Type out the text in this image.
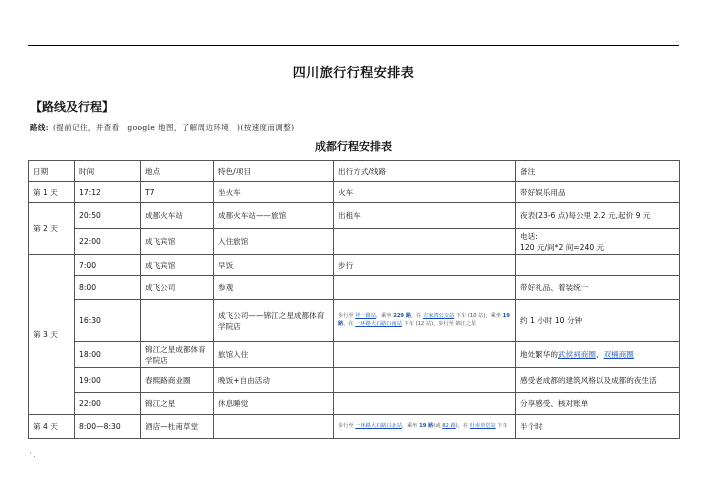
..
四川旅行行程安排表
【路线及行程】
路线: (提前记住，并查看　google 地图，了解周边环境　)(按速度而调整)
成都行程安排表
日期	时间	地点	特色/项目	出行方式/线路	备注
第 1 天	17:12	T7	坐火车	火车	带好娱乐用品
第 2 天	20:50	成都火车站	成都火车站——旅馆	出租车	夜表(23-6 点)每公里 2.2 元,起价 9 元
	22:00	成飞宾馆	入住旅馆		电话:
120 元/间*2 间=240 元

第 3 天	7:00	成飞宾馆	早饭	步行	
	8:00	成飞公司	参观		带好礼品、着装统一
	16:30		成飞公司——锦江之星成都体育学院店	步行至 伴一路站，乘坐 229 路，在 方家湾公交站 下车 (10 站)，乘坐 19 路，在 一环路大石路口南站 下车 (12 站)，步行至 锦江之星	约 1 小时 10 分钟
	18:00	锦江之星成都体育学院店	旅馆入住		地处繁华的武侯祠商圈、双楠商圈
	19:00	春熙路商业圈	晚饭+自由活动		感受老成都的建筑风格以及成都的夜生活
	22:00	锦江之星	休息睡觉		分享感受、核对账单
第 4 天	8:00—8:30	酒店—杜甫草堂		步行至 一环路大石路口北站，乘坐 19 路(或 82 路)，在 杜甫草堂站 下车	半个时
' .
